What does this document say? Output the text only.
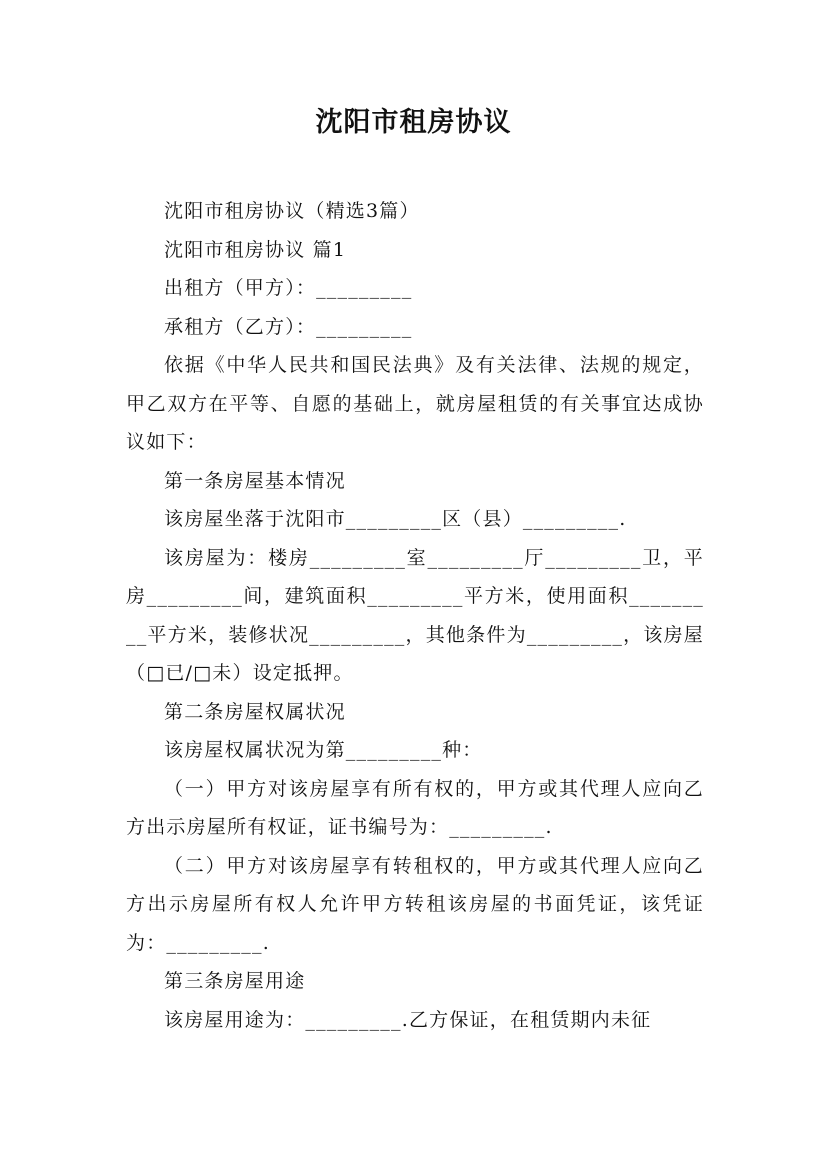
沈阳市租房协议

沈阳市租房协议（精选3篇）

沈阳市租房协议 篇1

出租方（甲方）：_________

承租方（乙方）：_________

依据《中华人民共和国民法典》及有关法律、法规的规定，甲乙双方在平等、自愿的基础上，就房屋租赁的有关事宜达成协议如下：

第一条房屋基本情况

该房屋坐落于沈阳市_________区（县）_________.

该房屋为：楼房_________室_________厅_________卫，平房_________间，建筑面积_________平方米，使用面积_________平方米，装修状况_________，其他条件为_________，该房屋（□已/□未）设定抵押。

第二条房屋权属状况

该房屋权属状况为第_________种：

（一）甲方对该房屋享有所有权的，甲方或其代理人应向乙方出示房屋所有权证，证书编号为：_________.

（二）甲方对该房屋享有转租权的，甲方或其代理人应向乙方出示房屋所有权人允许甲方转租该房屋的书面凭证，该凭证为：_________.

第三条房屋用途

该房屋用途为：_________.乙方保证，在租赁期内未征
